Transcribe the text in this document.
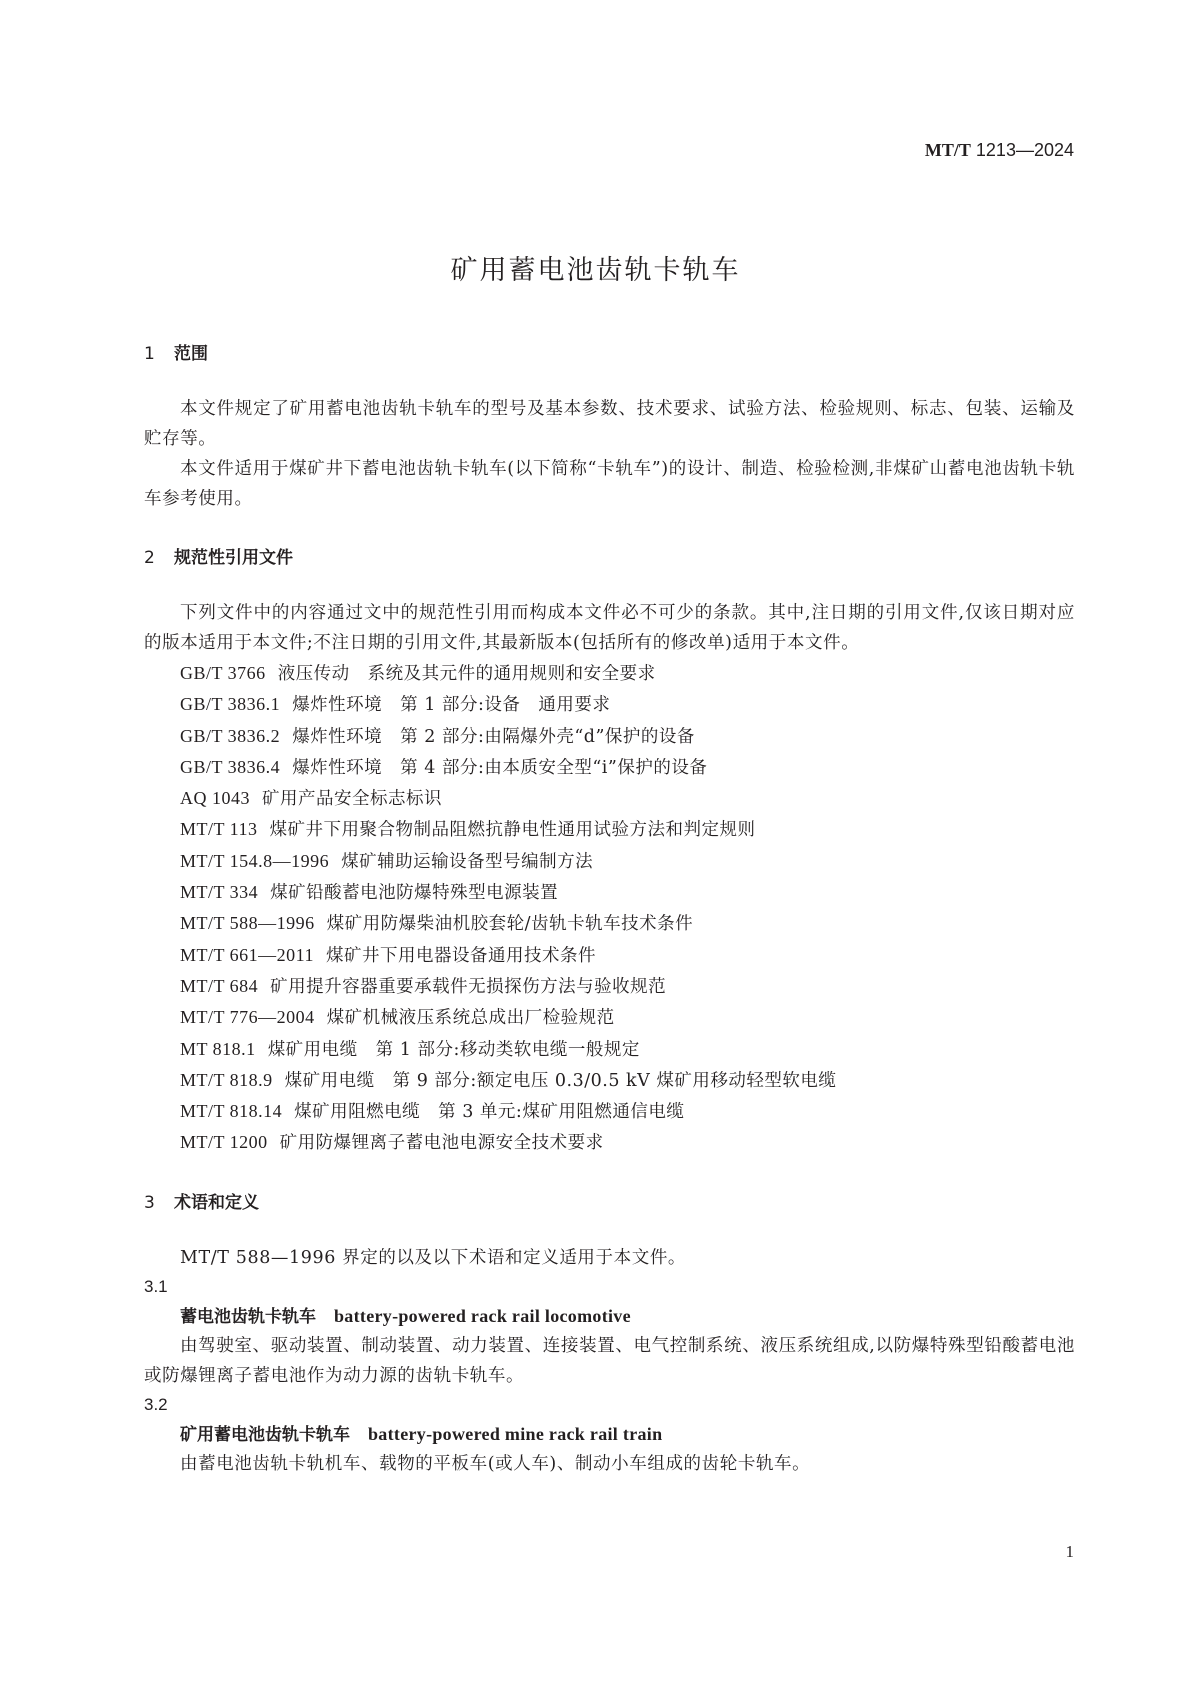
MT/T 1213—2024
矿用蓄电池齿轨卡轨车
1 范围

本文件规定了矿用蓄电池齿轨卡轨车的型号及基本参数、技术要求、试验方法、检验规则、标志、包装、运输及贮存等。

本文件适用于煤矿井下蓄电池齿轨卡轨车(以下简称“卡轨车”)的设计、制造、检验检测,非煤矿山蓄电池齿轨卡轨车参考使用。

2 规范性引用文件

下列文件中的内容通过文中的规范性引用而构成本文件必不可少的条款。其中,注日期的引用文件,仅该日期对应的版本适用于本文件;不注日期的引用文件,其最新版本(包括所有的修改单)适用于本文件。

GB/T 3766 液压传动　系统及其元件的通用规则和安全要求
GB/T 3836.1 爆炸性环境　第 1 部分:设备　通用要求
GB/T 3836.2 爆炸性环境　第 2 部分:由隔爆外壳“d”保护的设备
GB/T 3836.4 爆炸性环境　第 4 部分:由本质安全型“i”保护的设备
AQ 1043 矿用产品安全标志标识
MT/T 113 煤矿井下用聚合物制品阻燃抗静电性通用试验方法和判定规则
MT/T 154.8—1996 煤矿辅助运输设备型号编制方法
MT/T 334 煤矿铅酸蓄电池防爆特殊型电源装置
MT/T 588—1996 煤矿用防爆柴油机胶套轮/齿轨卡轨车技术条件
MT/T 661—2011 煤矿井下用电器设备通用技术条件
MT/T 684 矿用提升容器重要承载件无损探伤方法与验收规范
MT/T 776—2004 煤矿机械液压系统总成出厂检验规范
MT 818.1 煤矿用电缆　第 1 部分:移动类软电缆一般规定
MT/T 818.9 煤矿用电缆　第 9 部分:额定电压 0.3/0.5 kV 煤矿用移动轻型软电缆
MT/T 818.14 煤矿用阻燃电缆　第 3 单元:煤矿用阻燃通信电缆
MT/T 1200 矿用防爆锂离子蓄电池电源安全技术要求
3 术语和定义

MT/T 588—1996 界定的以及以下术语和定义适用于本文件。

3.1

蓄电池齿轨卡轨车 battery-powered rack rail locomotive

由驾驶室、驱动装置、制动装置、动力装置、连接装置、电气控制系统、液压系统组成,以防爆特殊型铅酸蓄电池或防爆锂离子蓄电池作为动力源的齿轨卡轨车。

3.2

矿用蓄电池齿轨卡轨车 battery-powered mine rack rail train

由蓄电池齿轨卡轨机车、载物的平板车(或人车)、制动小车组成的齿轮卡轨车。

1
